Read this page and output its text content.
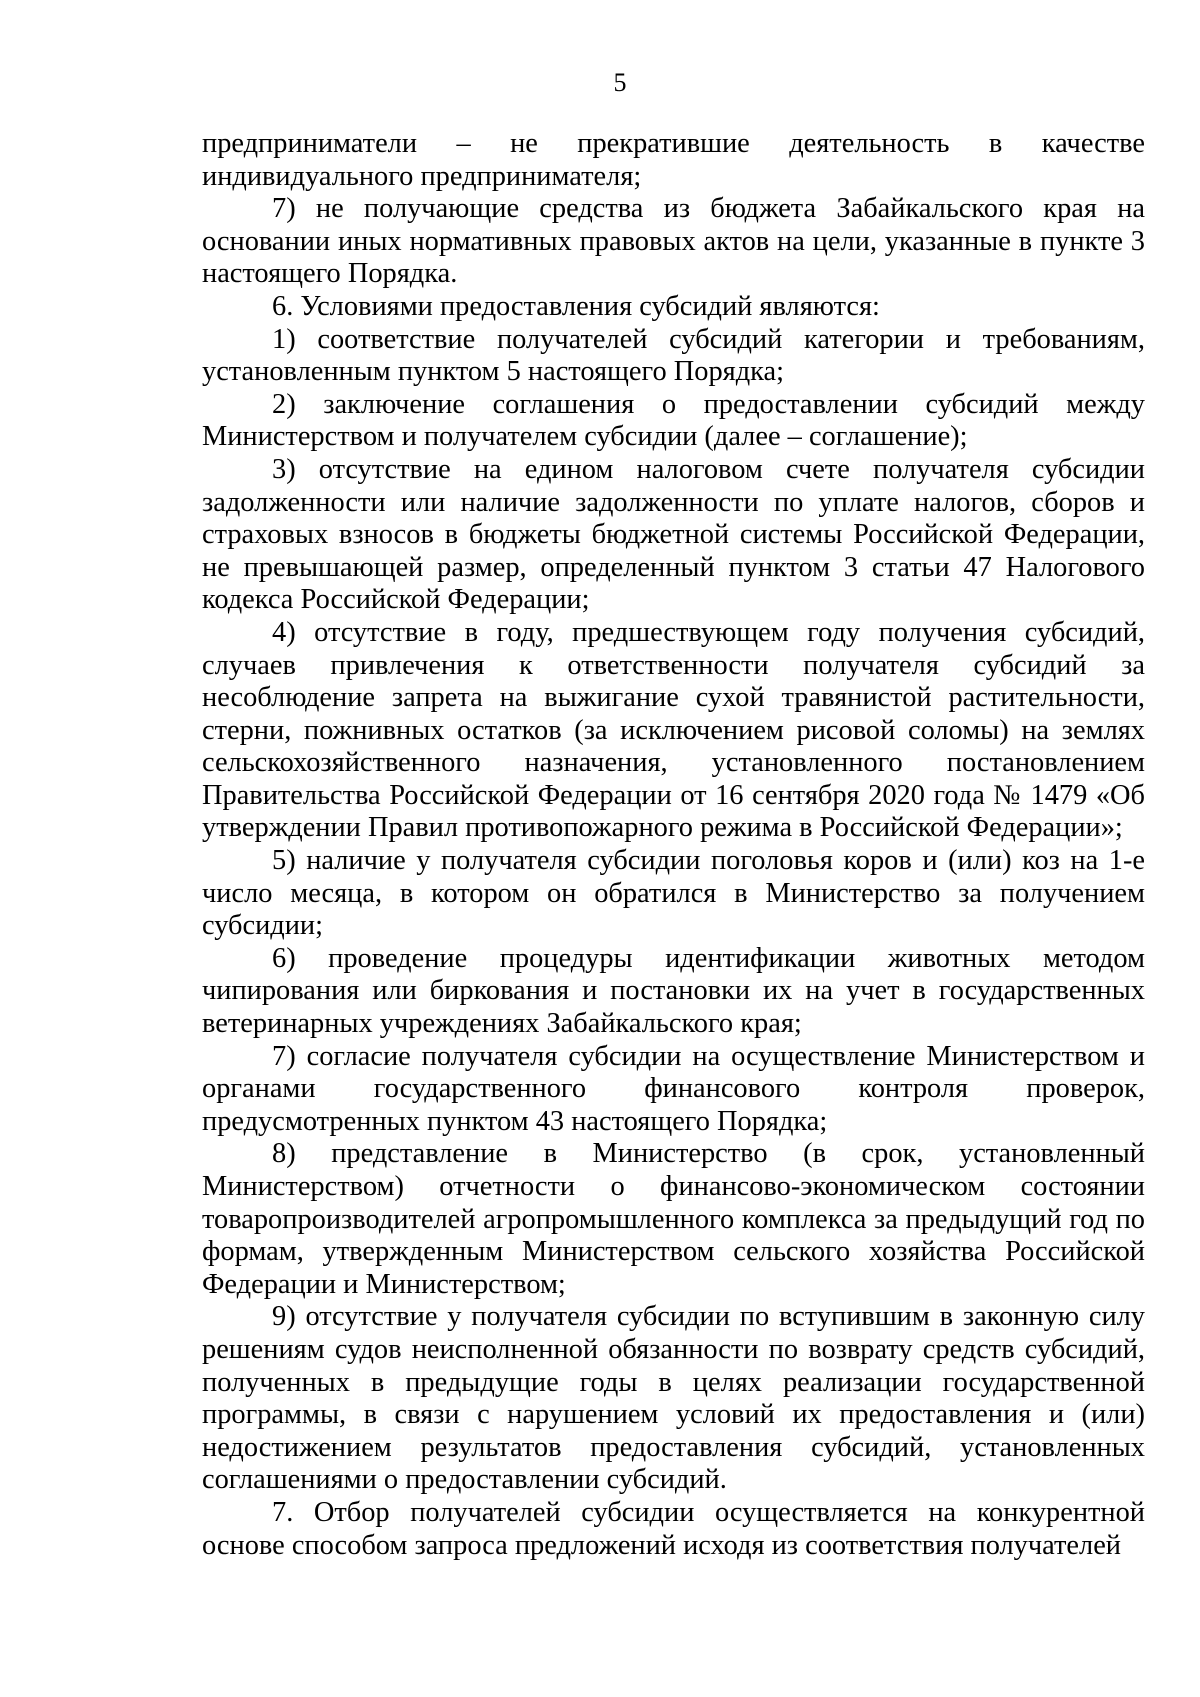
5

предприниматели – не прекратившие деятельность в качестве индивидуального предпринимателя;

7) не получающие средства из бюджета Забайкальского края на основании иных нормативных правовых актов на цели, указанные в пункте 3 настоящего Порядка.

6. Условиями предоставления субсидий являются:

1) соответствие получателей субсидий категории и требованиям, установленным пунктом 5 настоящего Порядка;

2) заключение соглашения о предоставлении субсидий между Министерством и получателем субсидии (далее – соглашение);

3) отсутствие на едином налоговом счете получателя субсидии задолженности или наличие задолженности по уплате налогов, сборов и страховых взносов в бюджеты бюджетной системы Российской Федерации, не превышающей размер, определенный пунктом 3 статьи 47 Налогового кодекса Российской Федерации;

4) отсутствие в году, предшествующем году получения субсидий, случаев привлечения к ответственности получателя субсидий за несоблюдение запрета на выжигание сухой травянистой растительности, стерни, пожнивных остатков (за исключением рисовой соломы) на землях сельскохозяйственного назначения, установленного постановлением Правительства Российской Федерации от 16 сентября 2020 года № 1479 «Об утверждении Правил противопожарного режима в Российской Федерации»;

5) наличие у получателя субсидии поголовья коров и (или) коз на 1-е число месяца, в котором он обратился в Министерство за получением субсидии;

6) проведение процедуры идентификации животных методом чипирования или биркования и постановки их на учет в государственных ветеринарных учреждениях Забайкальского края;

7) согласие получателя субсидии на осуществление Министерством и органами государственного финансового контроля проверок, предусмотренных пунктом 43 настоящего Порядка;

8) представление в Министерство (в срок, установленный Министерством) отчетности о финансово-экономическом состоянии товаропроизводителей агропромышленного комплекса за предыдущий год по формам, утвержденным Министерством сельского хозяйства Российской Федерации и Министерством;

9) отсутствие у получателя субсидии по вступившим в законную силу решениям судов неисполненной обязанности по возврату средств субсидий, полученных в предыдущие годы в целях реализации государственной программы, в связи с нарушением условий их предоставления и (или) недостижением результатов предоставления субсидий, установленных соглашениями о предоставлении субсидий.

7. Отбор получателей субсидии осуществляется на конкурентной основе способом запроса предложений исходя из соответствия получателей
